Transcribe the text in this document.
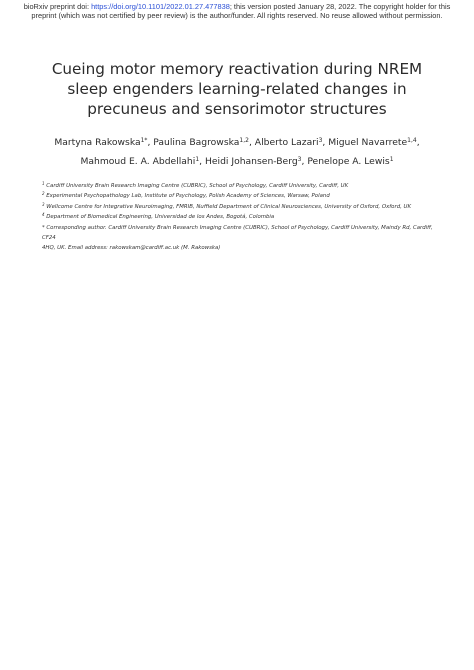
bioRxiv preprint doi: https://doi.org/10.1101/2022.01.27.477838; this version posted January 28, 2022. The copyright holder for this
preprint (which was not certified by peer review) is the author/funder. All rights reserved. No reuse allowed without permission.
Cueing motor memory reactivation during NREM sleep engenders learning-related changes in precuneus and sensorimotor structures
Martyna Rakowska$^{1*}$, Paulina Bagrowska$^{1,2}$, Alberto Lazari$^3$, Miguel Navarrete$^{1,4}$, Mahmoud E. A. Abdellahi$^1$, Heidi Johansen-Berg$^3$, Penelope A. Lewis$^1$

$^1$ Cardiff University Brain Research Imaging Centre (CUBRIC), School of Psychology, Cardiff University, Cardiff, UK

$^2$ Experimental Psychopathology Lab, Institute of Psychology, Polish Academy of Sciences, Warsaw, Poland

$^3$ Wellcome Centre for Integrative Neuroimaging, FMRIB, Nuffield Department of Clinical Neurosciences, University of Oxford, Oxford, UK

$^4$ Department of Biomedical Engineering, Universidad de los Andes, Bogotá, Colombia

* Corresponding author. Cardiff University Brain Research Imaging Centre (CUBRIC), School of Psychology, Cardiff University, Maindy Rd, Cardiff, CF24

4HQ, UK. Email address: rakowskam@cardiff.ac.uk (M. Rakowska)
